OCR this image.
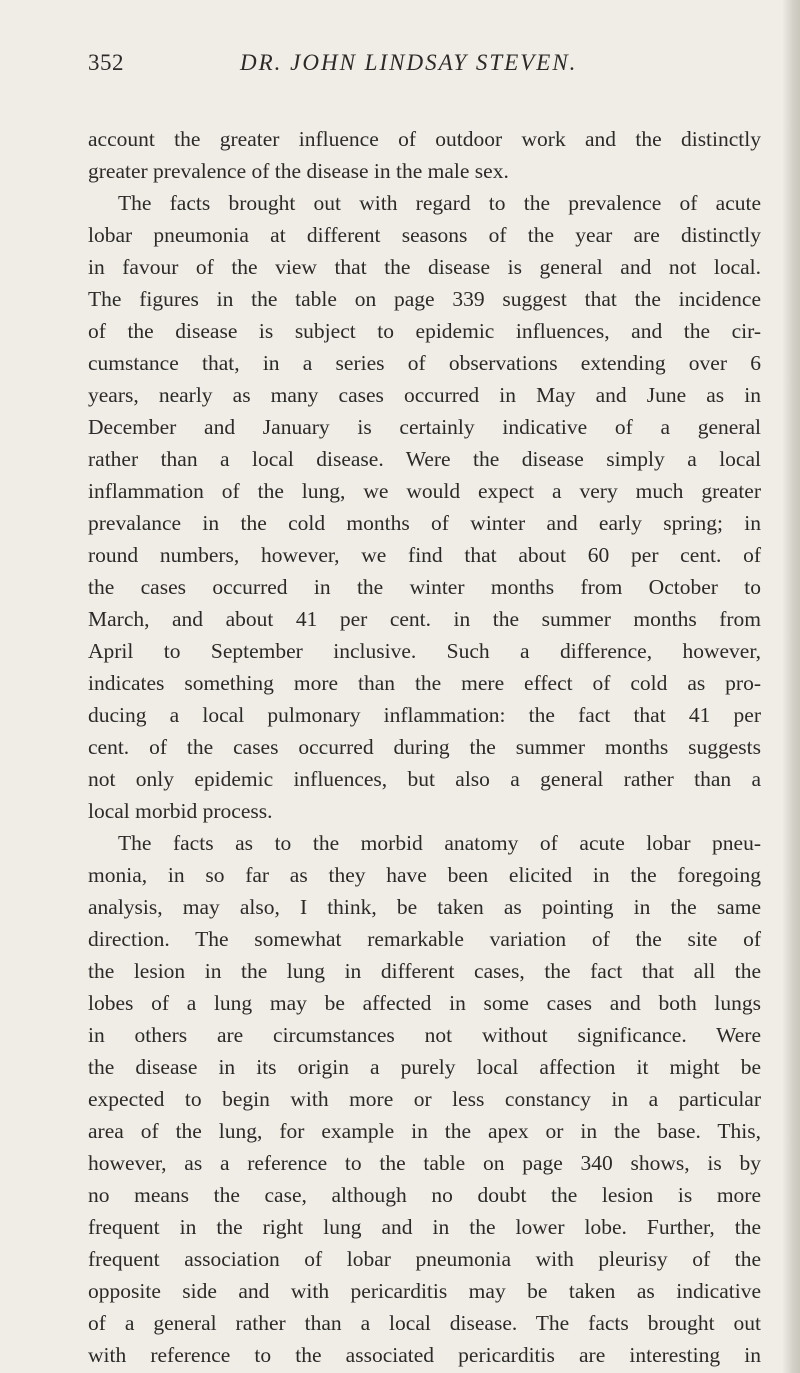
352	DR. JOHN LINDSAY STEVEN.
account the greater influence of outdoor work and the distinctly
greater prevalence of the disease in the male sex.
The facts brought out with regard to the prevalence of acute
lobar pneumonia at different seasons of the year are distinctly
in favour of the view that the disease is general and not local.
The figures in the table on page 339 suggest that the incidence
of the disease is subject to epidemic influences, and the cir-
cumstance that, in a series of observations extending over 6
years, nearly as many cases occurred in May and June as in
December and January is certainly indicative of a general
rather than a local disease. Were the disease simply a local
inflammation of the lung, we would expect a very much greater
prevalance in the cold months of winter and early spring; in
round numbers, however, we find that about 60 per cent. of
the cases occurred in the winter months from October to
March, and about 41 per cent. in the summer months from
April to September inclusive. Such a difference, however,
indicates something more than the mere effect of cold as pro-
ducing a local pulmonary inflammation: the fact that 41 per
cent. of the cases occurred during the summer months suggests
not only epidemic influences, but also a general rather than a
local morbid process.
The facts as to the morbid anatomy of acute lobar pneu-
monia, in so far as they have been elicited in the foregoing
analysis, may also, I think, be taken as pointing in the same
direction. The somewhat remarkable variation of the site of
the lesion in the lung in different cases, the fact that all the
lobes of a lung may be affected in some cases and both lungs
in others are circumstances not without significance. Were
the disease in its origin a purely local affection it might be
expected to begin with more or less constancy in a particular
area of the lung, for example in the apex or in the base. This,
however, as a reference to the table on page 340 shows, is by
no means the case, although no doubt the lesion is more
frequent in the right lung and in the lower lobe. Further, the
frequent association of lobar pneumonia with pleurisy of the
opposite side and with pericarditis may be taken as indicative
of a general rather than a local disease. The facts brought out
with reference to the associated pericarditis are interesting in
